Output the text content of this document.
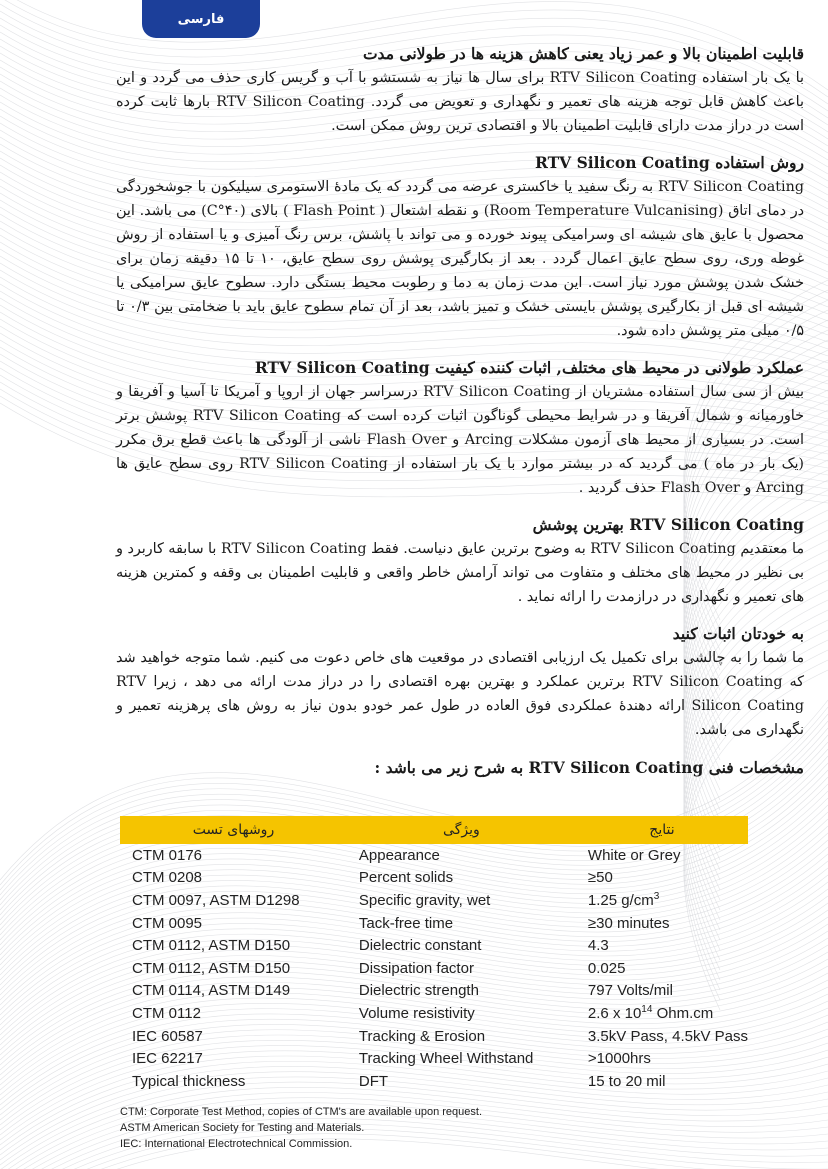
فارسی
قابلیت اطمینان بالا و عمر زیاد یعنی کاهش هزینه ها در طولانی مدت

با یک بار استفاده RTV Silicon Coating برای سال ها نیاز به شستشو با آب و گریس کاری حذف می گردد و این باعث کاهش قابل توجه هزینه های تعمیر و نگهداری و تعویض می گردد. RTV Silicon Coating بارها ثابت کرده است در دراز مدت دارای قابلیت اطمینان بالا و اقتصادی ترین روش ممکن است.

روش استفاده RTV Silicon Coating

RTV Silicon Coating به رنگ سفید یا خاکستری عرضه می گردد که یک مادهٔ الاستومری سیلیکون با جوشخوردگی در دمای اتاق (Room Temperature Vulcanising) و نقطه اشتعال ( Flash Point ) بالای (۴۰°C) می باشد. این محصول با عایق های شیشه ای وسرامیکی پیوند خورده و می تواند با پاشش، برس رنگ آمیزی و یا استفاده از روش غوطه وری، روی سطح عایق اعمال گردد . بعد از بکارگیری پوشش روی سطح عایق، ۱۰ تا ۱۵ دقیقه زمان برای خشک شدن پوشش مورد نیاز است. این مدت زمان به دما و رطوبت محیط بستگی دارد. سطوح عایق سرامیکی یا شیشه ای قبل از بکارگیری پوشش بایستی خشک و تمیز باشد، بعد از آن تمام سطوح عایق باید با ضخامتی بین ۰/۳ تا ۰/۵ میلی متر پوشش داده شود.

عملکرد طولانی در محیط های مختلف, اثبات کننده کیفیت RTV Silicon Coating

بیش از سی سال استفاده مشتریان از RTV Silicon Coating درسراسر جهان از اروپا و آمریکا تا آسیا و آفریقا و خاورمیانه و شمال آفریقا و در شرایط محیطی گوناگون اثبات کرده است که RTV Silicon Coating پوشش برتر است. در بسیاری از محیط های آزمون مشکلات Arcing و Flash Over ناشی از آلودگی ها باعث قطع برق مکرر (یک بار در ماه ) می گردید که در بیشتر موارد با یک بار استفاده از RTV Silicon Coating روی سطح عایق ها Arcing و Flash Over حذف گردید .

RTV Silicon Coating بهترین پوشش

ما معتقدیم RTV Silicon Coating به وضوح برترین عایق دنیاست. فقط RTV Silicon Coating با سابقه کاربرد و بی نظیر در محیط های مختلف و متفاوت می تواند آرامش خاطر واقعی و قابلیت اطمینان بی وقفه و کمترین هزینه های تعمیر و نگهداری در درازمدت را ارائه نماید .

به خودتان اثبات کنید

ما شما را به چالشی برای تکمیل یک ارزیابی اقتصادی در موقعیت های خاص دعوت می کنیم. شما متوجه خواهید شد که RTV Silicon Coating برترین عملکرد و بهترین بهره اقتصادی را در دراز مدت ارائه می دهد ، زیرا RTV Silicon Coating ارائه دهندهٔ عملکردی فوق العاده در طول عمر خودو بدون نیاز به روش های پرهزینه تعمیر و نگهداری می باشد.

مشخصات فنی RTV Silicon Coating به شرح زیر می باشد :
روشهای تست	ویژگی	نتایج
CTM 0176	Appearance	White or Grey
CTM 0208	Percent solids	≥50
CTM 0097, ASTM D1298	Specific gravity, wet	1.25 $g/cm^3$
CTM 0095	Tack-free time	≥30 minutes
CTM 0112, ASTM D150	Dielectric constant	4.3
CTM 0112, ASTM D150	Dissipation factor	0.025
CTM 0114, ASTM D149	Dielectric strength	797 Volts/mil
CTM 0112	Volume resistivity	2.6 x $10^{14}$ Ohm.cm
IEC 60587	Tracking & Erosion	3.5kV Pass, 4.5kV Pass
IEC 62217	Tracking Wheel Withstand	>1000hrs
Typical thickness	DFT	15 to 20 mil
CTM: Corporate Test Method, copies of CTM's are available upon request.
ASTM American Society for Testing and Materials.
IEC: International Electrotechnical Commission.
